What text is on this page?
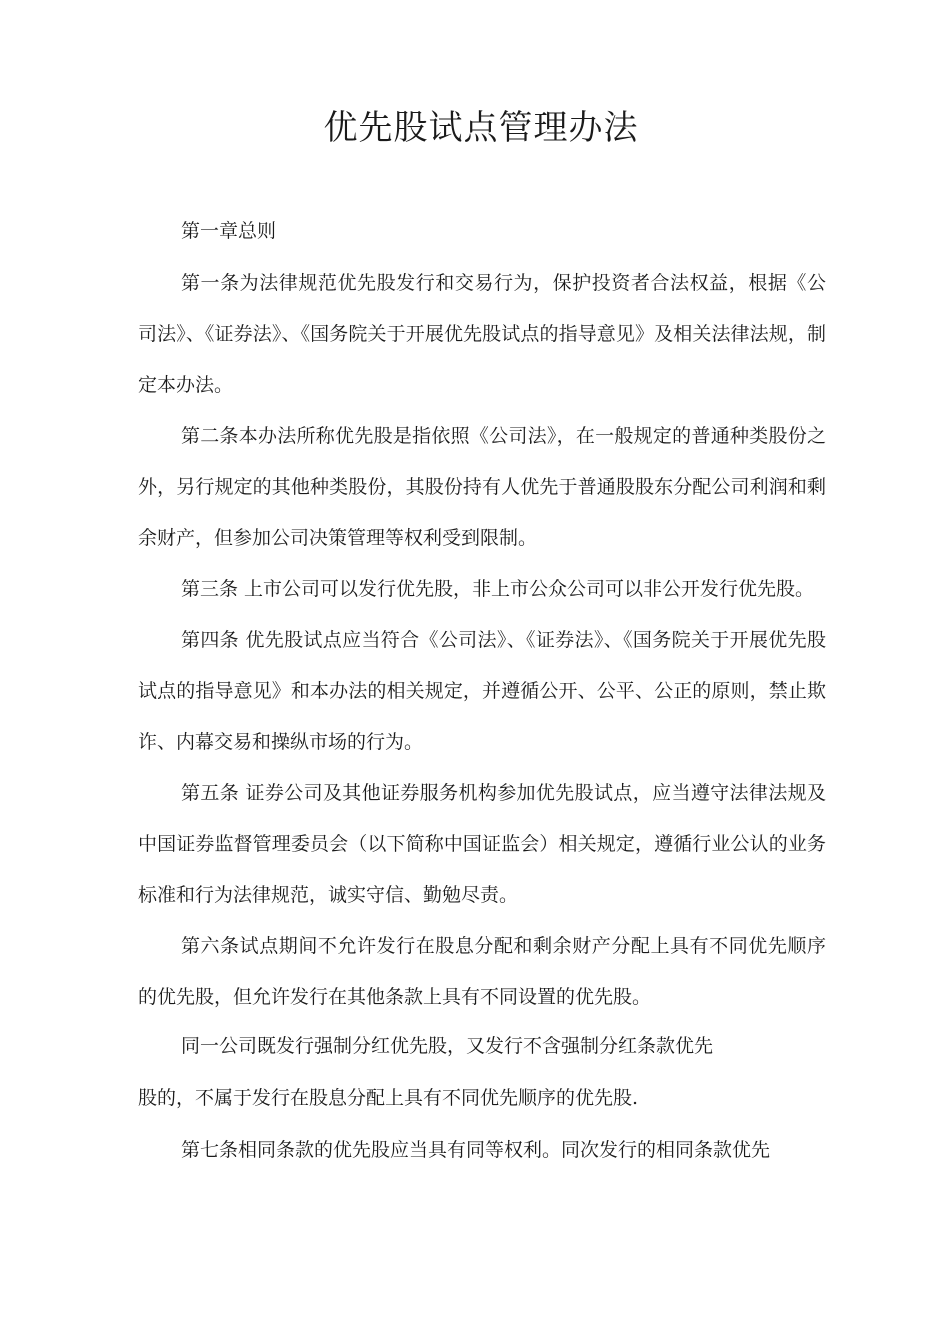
优先股试点管理办法

第一章总则

第一条为法律规范优先股发行和交易行为，保护投资者合法权益，根据《公司法》、《证券法》、《国务院关于开展优先股试点的指导意见》及相关法律法规，制定本办法。

第二条本办法所称优先股是指依照《公司法》，在一般规定的普通种类股份之外，另行规定的其他种类股份，其股份持有人优先于普通股股东分配公司利润和剩余财产，但参加公司决策管理等权利受到限制。

第三条 上市公司可以发行优先股，非上市公众公司可以非公开发行优先股。

第四条 优先股试点应当符合《公司法》、《证券法》、《国务院关于开展优先股试点的指导意见》和本办法的相关规定，并遵循公开、公平、公正的原则，禁止欺诈、内幕交易和操纵市场的行为。

第五条 证券公司及其他证券服务机构参加优先股试点，应当遵守法律法规及中国证券监督管理委员会（以下简称中国证监会）相关规定，遵循行业公认的业务标准和行为法律规范，诚实守信、勤勉尽责。

第六条试点期间不允许发行在股息分配和剩余财产分配上具有不同优先顺序的优先股，但允许发行在其他条款上具有不同设置的优先股。

同一公司既发行强制分红优先股，又发行不含强制分红条款优先

股的，不属于发行在股息分配上具有不同优先顺序的优先股.

第七条相同条款的优先股应当具有同等权利。同次发行的相同条款优先
